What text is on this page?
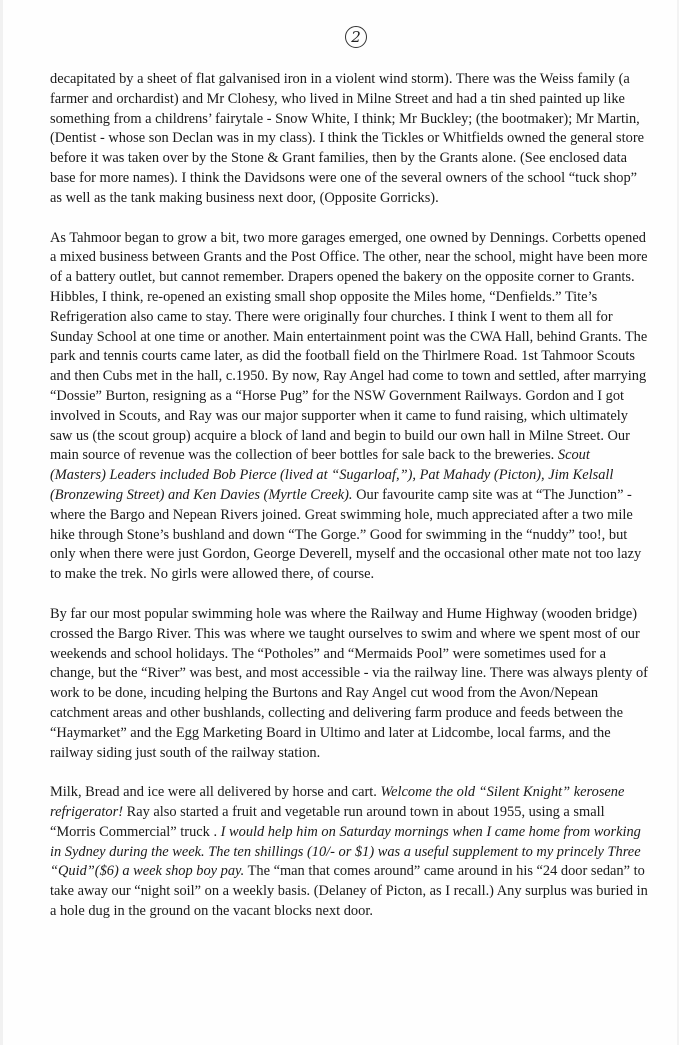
2

decapitated by a sheet of flat galvanised iron in a violent wind storm). There was the Weiss family (a farmer and orchardist) and Mr Clohesy, who lived in Milne Street and had a tin shed painted up like something from a childrens’ fairytale - Snow White, I think; Mr Buckley; (the bootmaker); Mr Martin, (Dentist - whose son Declan was in my class). I think the Tickles or Whitfields owned the general store before it was taken over by the Stone & Grant families, then by the Grants alone. (See enclosed data base for more names). I think the Davidsons were one of the several owners of the school “tuck shop” as well as the tank making business next door, (Opposite Gorricks).

As Tahmoor began to grow a bit, two more garages emerged, one owned by Dennings. Corbetts opened a mixed business between Grants and the Post Office. The other, near the school, might have been more of a battery outlet, but cannot remember. Drapers opened the bakery on the opposite corner to Grants. Hibbles, I think, re-opened an existing small shop opposite the Miles home, “Denfields.” Tite’s Refrigeration also came to stay. There were originally four churches. I think I went to them all for Sunday School at one time or another. Main entertainment point was the CWA Hall, behind Grants. The park and tennis courts came later, as did the football field on the Thirlmere Road. 1st Tahmoor Scouts and then Cubs met in the hall, c.1950. By now, Ray Angel had come to town and settled, after marrying “Dossie” Burton, resigning as a “Horse Pug” for the NSW Government Railways. Gordon and I got involved in Scouts, and Ray was our major supporter when it came to fund raising, which ultimately saw us (the scout group) acquire a block of land and begin to build our own hall in Milne Street. Our main source of revenue was the collection of beer bottles for sale back to the breweries. Scout (Masters) Leaders included Bob Pierce (lived at “Sugarloaf,”), Pat Mahady (Picton), Jim Kelsall (Bronzewing Street) and Ken Davies (Myrtle Creek). Our favourite camp site was at “The Junction” - where the Bargo and Nepean Rivers joined. Great swimming hole, much appreciated after a two mile hike through Stone’s bushland and down “The Gorge.” Good for swimming in the “nuddy” too!, but only when there were just Gordon, George Deverell, myself and the occasional other mate not too lazy to make the trek. No girls were allowed there, of course.

By far our most popular swimming hole was where the Railway and Hume Highway (wooden bridge) crossed the Bargo River. This was where we taught ourselves to swim and where we spent most of our weekends and school holidays. The “Potholes” and “Mermaids Pool” were sometimes used for a change, but the “River” was best, and most accessible - via the railway line. There was always plenty of work to be done, incuding helping the Burtons and Ray Angel cut wood from the Avon/Nepean catchment areas and other bushlands, collecting and delivering farm produce and feeds between the “Haymarket” and the Egg Marketing Board in Ultimo and later at Lidcombe, local farms, and the railway siding just south of the railway station.

Milk, Bread and ice were all delivered by horse and cart. Welcome the old “Silent Knight” kerosene refrigerator! Ray also started a fruit and vegetable run around town in about 1955, using a small “Morris Commercial” truck . I would help him on Saturday mornings when I came home from working in Sydney during the week. The ten shillings (10/- or $1) was a useful supplement to my princely Three “Quid”($6) a week shop boy pay. The “man that comes around” came around in his “24 door sedan” to take away our “night soil” on a weekly basis. (Delaney of Picton, as I recall.) Any surplus was buried in a hole dug in the ground on the vacant blocks next door.
